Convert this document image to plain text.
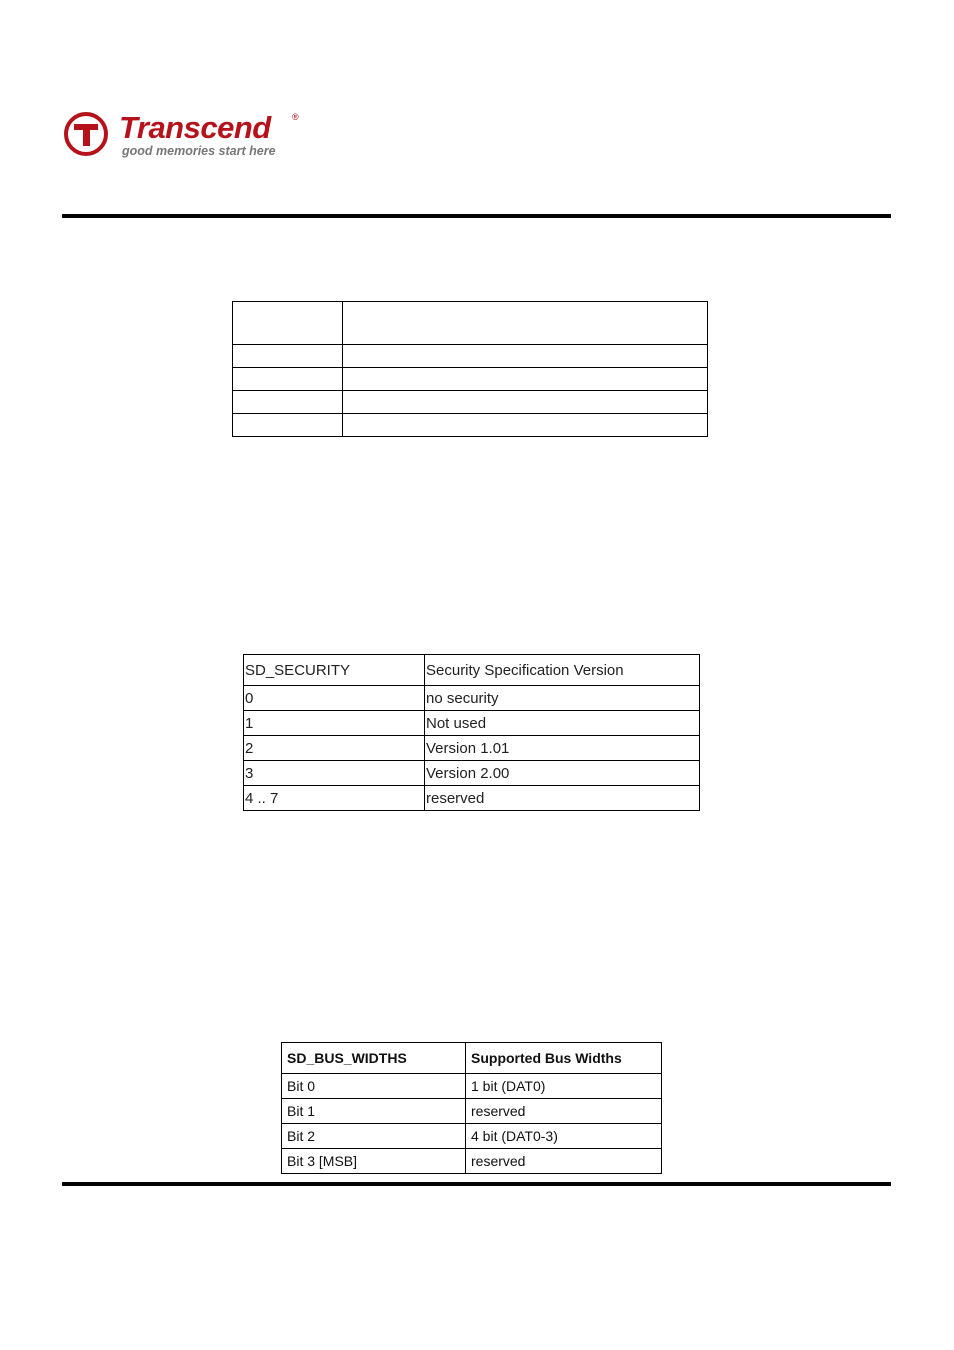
Transcend ®
good memories start here

SD_SECURITY	Security Specification Version
0	no security
1	Not used
2	Version 1.01
3	Version 2.00
4 .. 7	reserved
SD_BUS_WIDTHS	Supported Bus Widths
Bit 0	1 bit (DAT0)
Bit 1	reserved
Bit 2	4 bit (DAT0-3)
Bit 3 [MSB]	reserved
